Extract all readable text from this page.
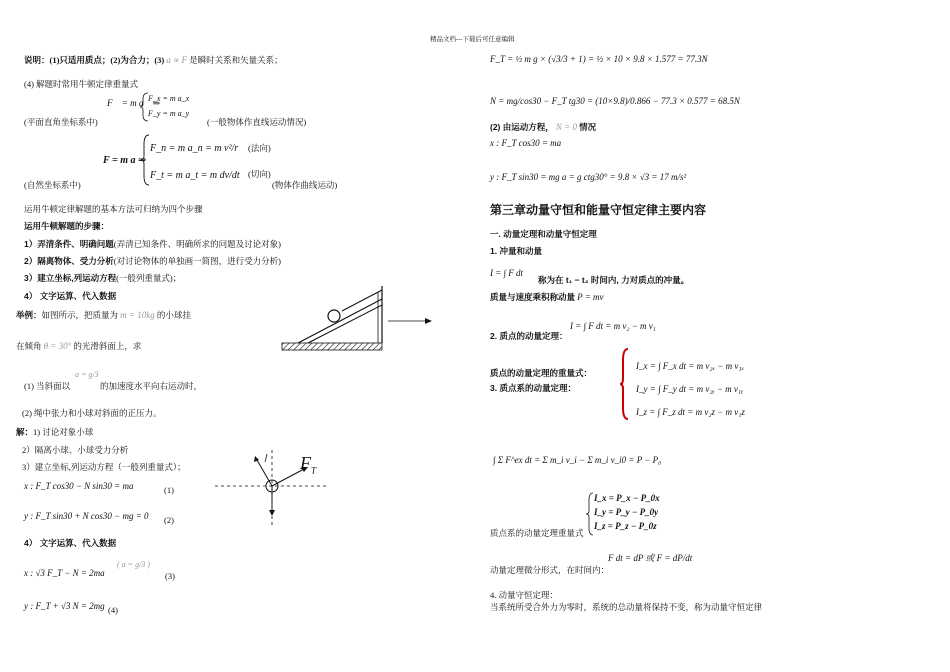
精品文档---下载后可任意编辑
说明：(1)只适用质点；(2)为合力；(3) a ∝ F 是瞬时关系和矢量关系；
(4) 解题时常用牛顿定律重量式
F⃗ = m a⃗ ⇒
F_x = m a_x
F_y = m a_y
(平面直角坐标系中)	(一般物体作直线运动情况)
F = m a ⇒
F_n = m a_n = m v²/r (法向)
F_t = m a_t = m dv/dt (切向)
(自然坐标系中)	(物体作曲线运动)
运用牛顿定律解题的基本方法可归纳为四个步骤
运用牛顿解题的步骤：
1）弄清条件、明确问题(弄清已知条件、明确所求的问题及讨论对象)
2）隔离物体、受力分析(对讨论物体的单独画一简图，进行受力分析)
3）建立坐标,列运动方程(一般列重量式)；
4） 文字运算、代入数据
举例：如图所示，把质量为 m = 10kg 的小球挂
在倾角 θ = 30° 的光滑斜面上，求
(1) 当斜面以
a = g/3
的加速度水平向右运动时，
(2) 绳中张力和小球对斜面的正压力。
解：1) 讨论对象小球
2）隔离小球、小球受力分析
3）建立坐标,列运动方程（一般列重量式）；
x : F_T cos30 − N sin30 = ma	(1)
y : F_T sin30 + N cos30 − mg = 0 (2)
$F_T$
4） 文字运算、代入数据
x : √3 F_T − N = 2ma
( a = g/3 )
(3)
y : F_T + √3 N = 2mg (4)
F_T = ½ m g × (√3/3 + 1) = ½ × 10 × 9.8 × 1.577 = 77.3N
N = mg/cos30 − F_T tg30 = (10×9.8)/0.866 − 77.3 × 0.577 = 68.5N
(2) 由运动方程， N = 0 情况
x : F_T cos30 = ma
y : F_T sin30 = mg a = g ctg30° = 9.8 × √3 = 17 m/s²
第三章动量守恒和能量守恒定律主要内容
一. 动量定理和动量守恒定理
1. 冲量和动量
I = ∫ F dt
称为在 t₁ − t₂ 时间内, 力对质点的冲量。
质量与速度乘积称动量 P = mv
2. 质点的动量定理：
I = ∫ F dt = m v₂ − m v₁
质点的动量定理的重量式：
3. 质点系的动量定理：
I_x = ∫ F_x dt = m v₂ₓ − m v₁ₓ
I_y = ∫ F_y dt = m v₂ᵧ − m v₁ᵧ
I_z = ∫ F_z dt = m v₂z − m v₁z
∫ Σ F^ex dt = Σ m_i v_i − Σ m_i v_i0 = P − P₀
I_x = P_x − P_0x
I_y = P_y − P_0y
I_z = P_z − P_0z
质点系的动量定理重量式
动量定理微分形式，在时间内：
F dt = dP 或 F = dP/dt
4. 动量守恒定理：
当系统所受合外力为零时，系统的总动量将保持不变，称为动量守恒定律
